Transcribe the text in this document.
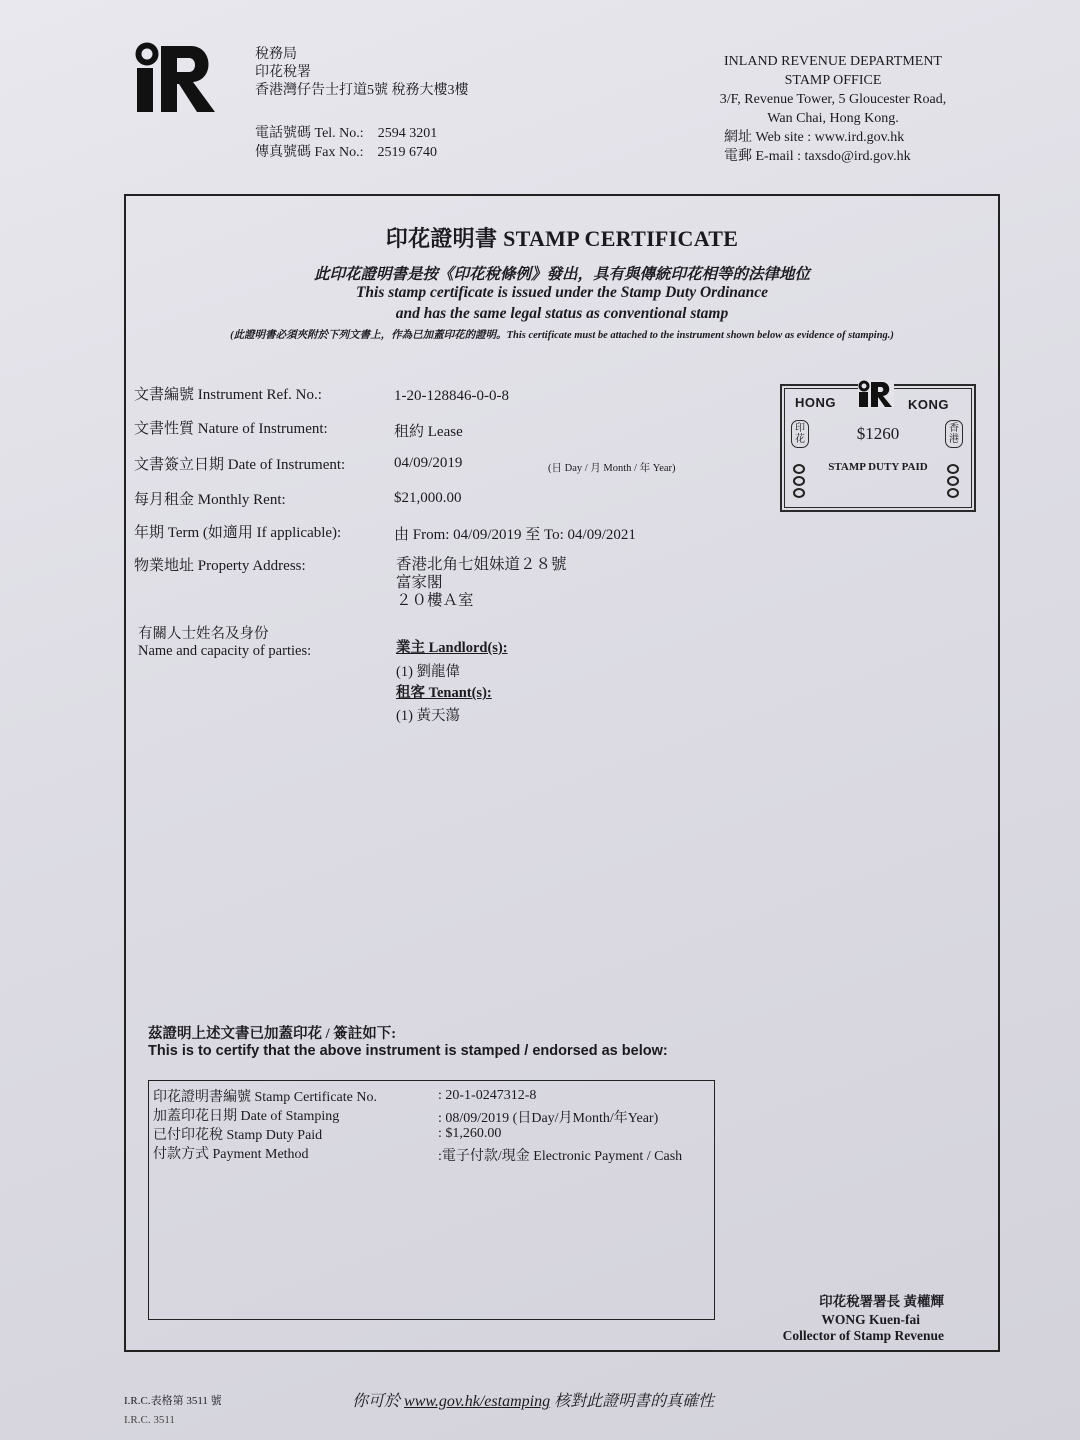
稅務局
印花稅署
香港灣仔告士打道5號 稅務大樓3樓
電話號碼 Tel. No.: 2594 3201
傳真號碼 Fax No.: 2519 6740
INLAND REVENUE DEPARTMENT
STAMP OFFICE
3/F, Revenue Tower, 5 Gloucester Road,
Wan Chai, Hong Kong.
網址 Web site : www.ird.gov.hk
電郵 E-mail : taxsdo@ird.gov.hk
印花證明書 STAMP CERTIFICATE
此印花證明書是按《印花稅條例》發出，具有與傳統印花相等的法律地位
This stamp certificate is issued under the Stamp Duty Ordinance
and has the same legal status as conventional stamp
(此證明書必須夾附於下列文書上，作為已加蓋印花的證明。This certificate must be attached to the instrument shown below as evidence of stamping.)
文書編號 Instrument Ref. No.:	1-20-128846-0-0-8
文書性質 Nature of Instrument:	租約 Lease
文書簽立日期 Date of Instrument:	04/09/2019	(日 Day / 月 Month / 年 Year)
每月租金 Monthly Rent:	$21,000.00
年期 Term (如適用 If applicable):	由 From: 04/09/2019 至 To: 04/09/2021
物業地址 Property Address:	香港北角七姐妹道２８號
富家閣
２０樓Ａ室
有關人士姓名及身份
Name and capacity of parties:	業主 Landlord(s):
(1) 劉龍偉
租客 Tenant(s):
(1) 黃天蕩
HONG	KONG
$1260
STAMP DUTY PAID
印花
香港
茲證明上述文書已加蓋印花 / 簽註如下:
This is to certify that the above instrument is stamped / endorsed as below:
印花證明書編號 Stamp Certificate No.	: 20-1-0247312-8
加蓋印花日期 Date of Stamping	: 08/09/2019 (日Day/月Month/年Year)
已付印花稅 Stamp Duty Paid	: $1,260.00
付款方式 Payment Method	:電子付款/現金 Electronic Payment / Cash
印花稅署署長 黃權輝
WONG Kuen-fai
Collector of Stamp Revenue
I.R.C.表格第 3511 號	你可於 www.gov.hk/estamping 核對此證明書的真確性
I.R.C. 3511
